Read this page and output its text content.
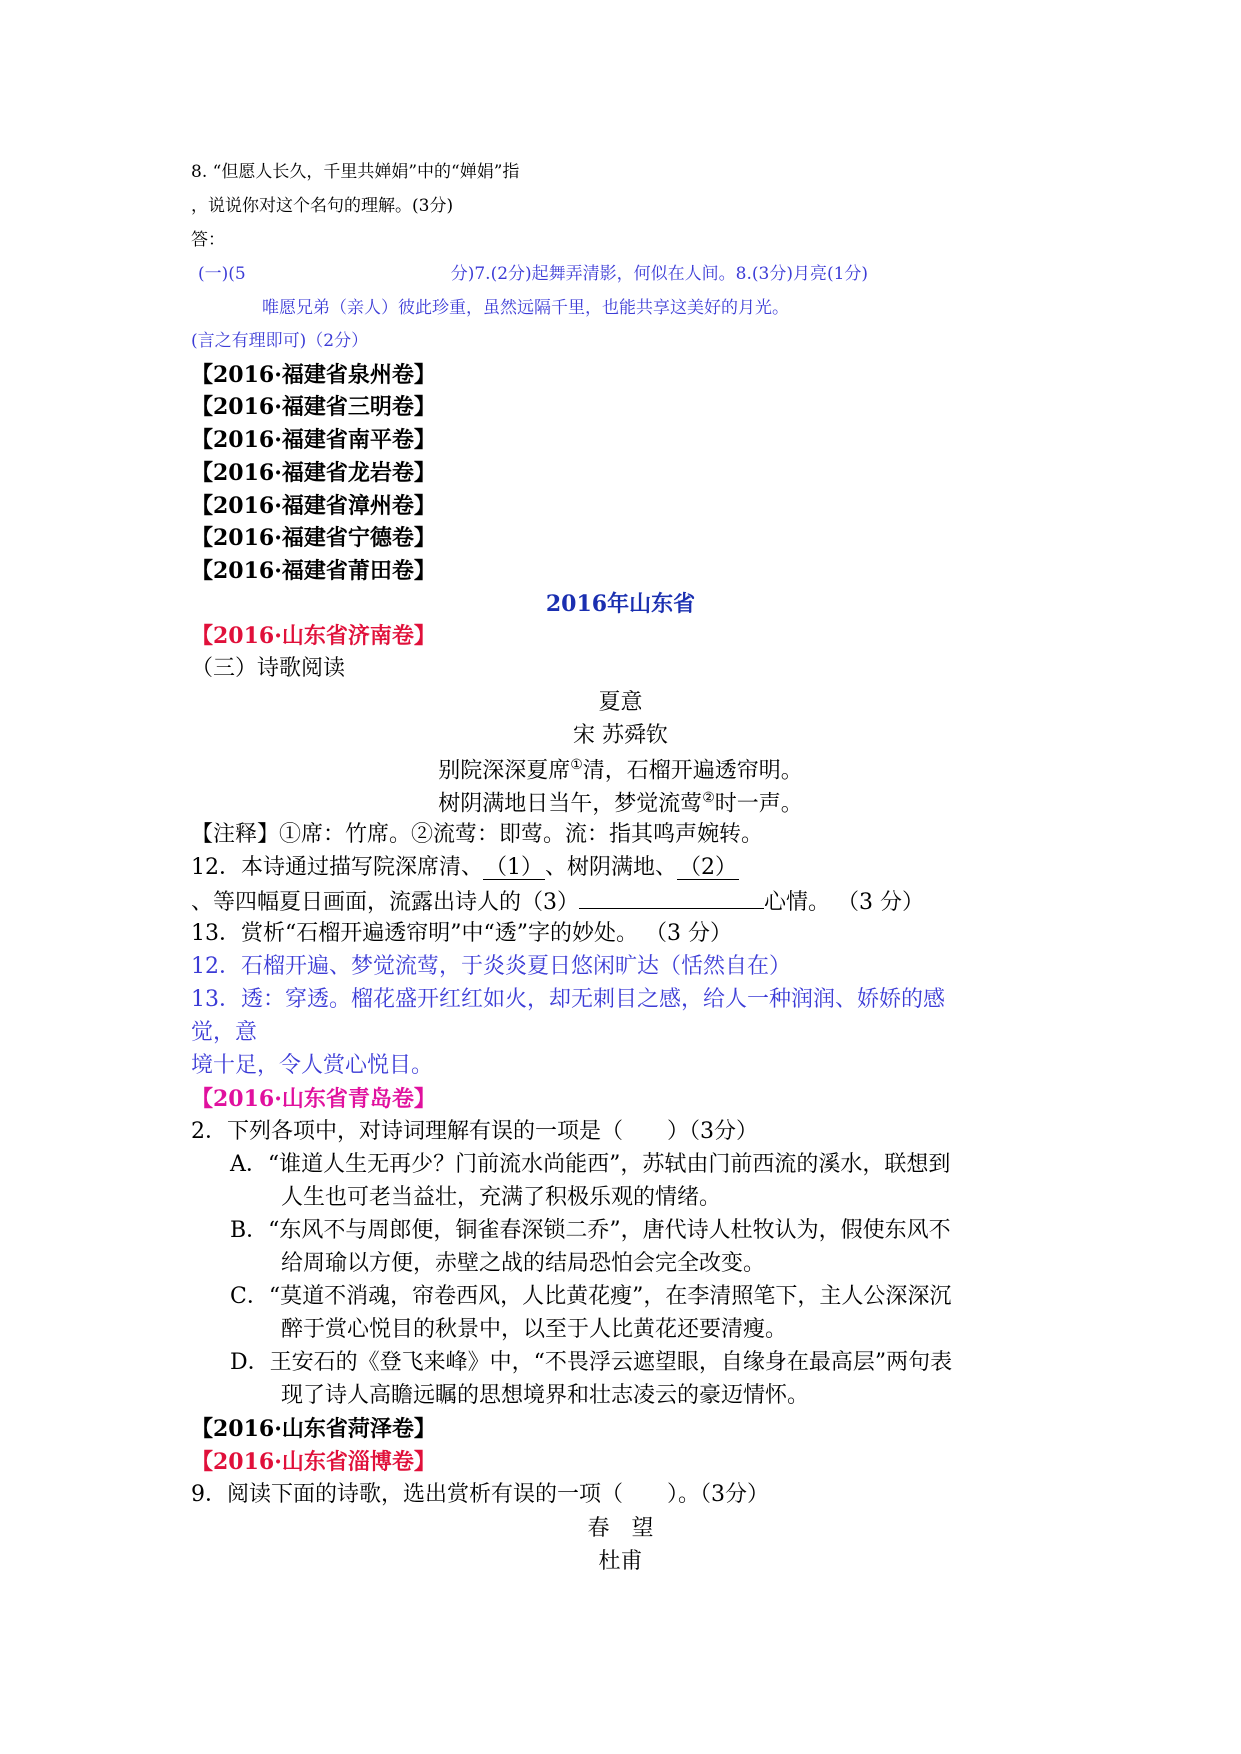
8. “但愿人长久，千里共婵娟”中的“婵娟”指
，说说你对这个名句的理解。(3分)
答：
(一)(5	分)7.(2分)起舞弄清影，何似在人间。8.(3分)月亮(1分)
唯愿兄弟（亲人）彼此珍重，虽然远隔千里，也能共享这美好的月光。
(言之有理即可)（2分）
【2016·福建省泉州卷】
【2016·福建省三明卷】
【2016·福建省南平卷】
【2016·福建省龙岩卷】
【2016·福建省漳州卷】
【2016·福建省宁德卷】
【2016·福建省莆田卷】
2016年山东省
【2016·山东省济南卷】
（三）诗歌阅读
夏意
宋 苏舜钦
别院深深夏席①清，石榴开遍透帘明。
树阴满地日当午，梦觉流莺②时一声。
【注释】①席：竹席。②流莺：即莺。流：指其鸣声婉转。
12．本诗通过描写院深席清、（1）、树阴满地、（2）
、等四幅夏日画面，流露出诗人的（3）	心情。 （3 分）
13．赏析“石榴开遍透帘明”中“透”字的妙处。 （3 分）
12．石榴开遍、梦觉流莺，于炎炎夏日悠闲旷达（恬然自在）
13．透：穿透。榴花盛开红红如火，却无刺目之感，给人一种润润、娇娇的感
觉，意
境十足，令人赏心悦目。
【2016·山东省青岛卷】
2．下列各项中，对诗词理解有误的一项是（　　）（3分）
A．“谁道人生无再少？门前流水尚能西”，苏轼由门前西流的溪水，联想到
人生也可老当益壮，充满了积极乐观的情绪。
B．“东风不与周郎便，铜雀春深锁二乔”，唐代诗人杜牧认为，假使东风不
给周瑜以方便，赤壁之战的结局恐怕会完全改变。
C．“莫道不消魂，帘卷西风，人比黄花瘦”，在李清照笔下，主人公深深沉
醉于赏心悦目的秋景中，以至于人比黄花还要清瘦。
D．王安石的《登飞来峰》中，“不畏浮云遮望眼，自缘身在最高层”两句表
现了诗人高瞻远瞩的思想境界和壮志凌云的豪迈情怀。
【2016·山东省菏泽卷】
【2016·山东省淄博卷】
9．阅读下面的诗歌，选出赏析有误的一项（　　）。（3分）
春　望
杜甫
